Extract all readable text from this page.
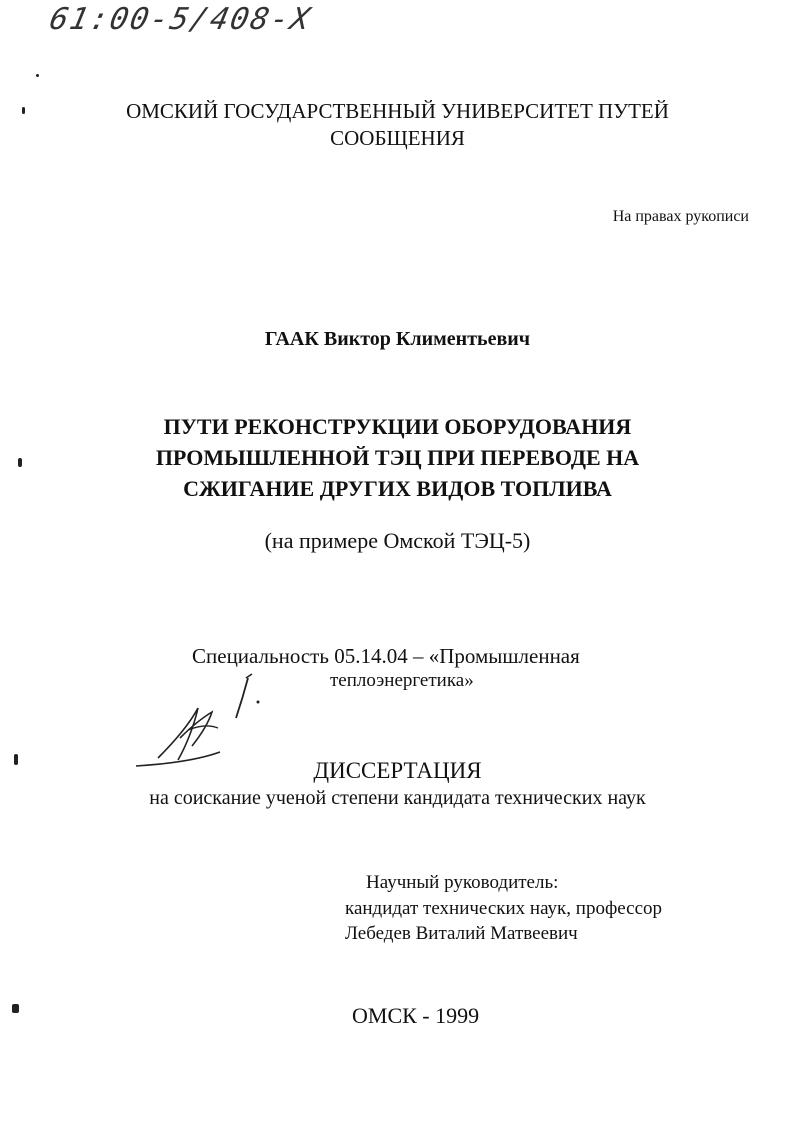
61:00-5/408-X
ОМСКИЙ ГОСУДАРСТВЕННЫЙ УНИВЕРСИТЕТ ПУТЕЙ
СООБЩЕНИЯ
На правах рукописи
ГААК Виктор Климентьевич
ПУТИ РЕКОНСТРУКЦИИ ОБОРУДОВАНИЯ
ПРОМЫШЛЕННОЙ ТЭЦ ПРИ ПЕРЕВОДЕ НА
СЖИГАНИЕ ДРУГИХ ВИДОВ ТОПЛИВА
(на примере Омской ТЭЦ-5)
Специальность 05.14.04 – «Промышленная
теплоэнергетика»
ДИССЕРТАЦИЯ
на соискание ученой степени кандидата технических наук
Научный руководитель:
кандидат технических наук, профессор
Лебедев Виталий Матвеевич
ОМСК - 1999
